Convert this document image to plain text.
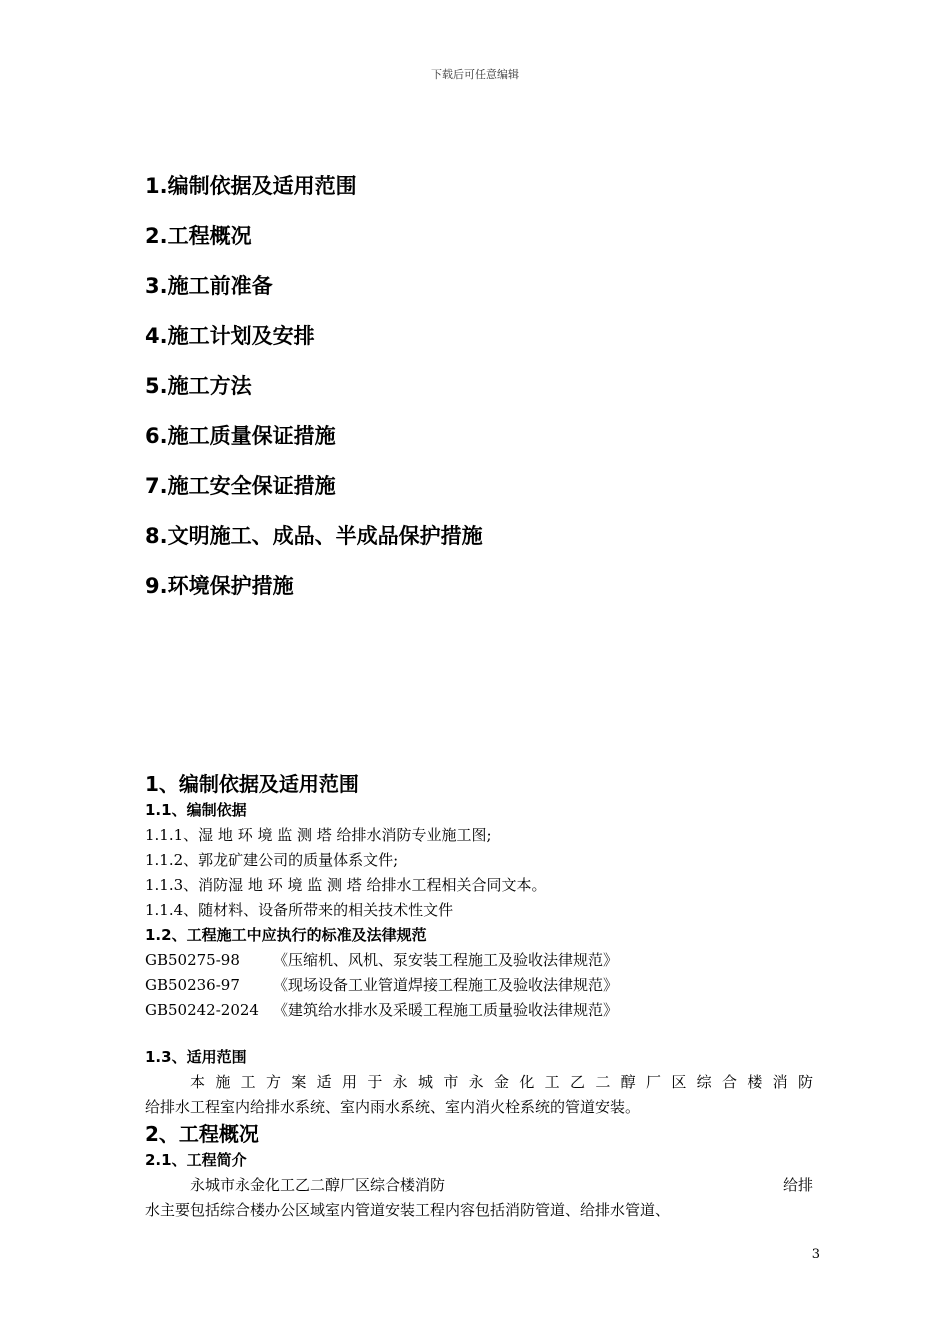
下载后可任意编辑
1.编制依据及适用范围
2.工程概况
3.施工前准备
4.施工计划及安排
5.施工方法
6.施工质量保证措施
7.施工安全保证措施
8.文明施工、成品、半成品保护措施
9.环境保护措施
1、编制依据及适用范围
1.1、编制依据
1.1.1、湿 地 环 境 监 测 塔 给排水消防专业施工图;
1.1.2、郭龙矿建公司的质量体系文件;
1.1.3、消防湿 地 环 境 监 测 塔 给排水工程相关合同文本。
1.1.4、随材料、设备所带来的相关技术性文件
1.2、工程施工中应执行的标准及法律规范
GB50275-98 《压缩机、风机、泵安装工程施工及验收法律规范》
GB50236-97 《现场设备工业管道焊接工程施工及验收法律规范》
GB50242-2024 《建筑给水排水及采暖工程施工质量验收法律规范》
1.3、适用范围
本施工方案适用于永城市永金化工乙二醇厂区综合楼消防
给排水工程室内给排水系统、室内雨水系统、室内消火栓系统的管道安装。
2、工程概况
2.1、工程简介
永城市永金化工乙二醇厂区综合楼消防	给排
水主要包括综合楼办公区域室内管道安装工程内容包括消防管道、给排水管道、
3
